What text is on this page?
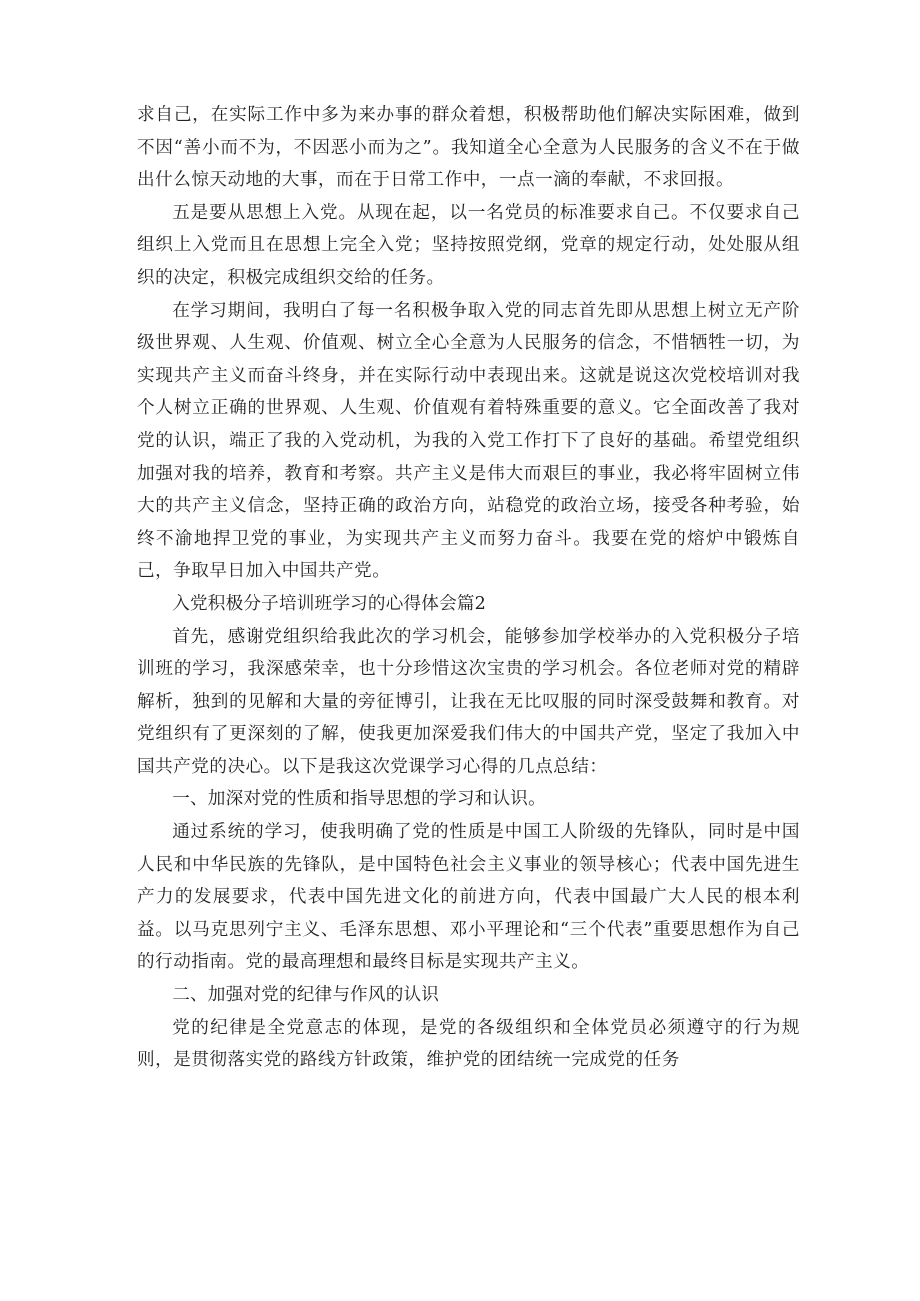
求自己，在实际工作中多为来办事的群众着想，积极帮助他们解决实际困难，做到不因“善小而不为，不因恶小而为之”。我知道全心全意为人民服务的含义不在于做出什么惊天动地的大事，而在于日常工作中，一点一滴的奉献，不求回报。

五是要从思想上入党。从现在起，以一名党员的标准要求自己。不仅要求自己组织上入党而且在思想上完全入党；坚持按照党纲，党章的规定行动，处处服从组织的决定，积极完成组织交给的任务。

在学习期间，我明白了每一名积极争取入党的同志首先即从思想上树立无产阶级世界观、人生观、价值观、树立全心全意为人民服务的信念，不惜牺牲一切，为实现共产主义而奋斗终身，并在实际行动中表现出来。这就是说这次党校培训对我个人树立正确的世界观、人生观、价值观有着特殊重要的意义。它全面改善了我对党的认识，端正了我的入党动机，为我的入党工作打下了良好的基础。希望党组织加强对我的培养，教育和考察。共产主义是伟大而艰巨的事业，我必将牢固树立伟大的共产主义信念，坚持正确的政治方向，站稳党的政治立场，接受各种考验，始终不渝地捍卫党的事业，为实现共产主义而努力奋斗。我要在党的熔炉中锻炼自己，争取早日加入中国共产党。

入党积极分子培训班学习的心得体会篇2

首先，感谢党组织给我此次的学习机会，能够参加学校举办的入党积极分子培训班的学习，我深感荣幸，也十分珍惜这次宝贵的学习机会。各位老师对党的精辟解析，独到的见解和大量的旁征博引，让我在无比叹服的同时深受鼓舞和教育。对党组织有了更深刻的了解，使我更加深爱我们伟大的中国共产党，坚定了我加入中国共产党的决心。以下是我这次党课学习心得的几点总结：

一、加深对党的性质和指导思想的学习和认识。

通过系统的学习，使我明确了党的性质是中国工人阶级的先锋队，同时是中国人民和中华民族的先锋队，是中国特色社会主义事业的领导核心；代表中国先进生产力的发展要求，代表中国先进文化的前进方向，代表中国最广大人民的根本利益。以马克思列宁主义、毛泽东思想、邓小平理论和“三个代表”重要思想作为自己的行动指南。党的最高理想和最终目标是实现共产主义。

二、加强对党的纪律与作风的认识

党的纪律是全党意志的体现，是党的各级组织和全体党员必须遵守的行为规则，是贯彻落实党的路线方针政策，维护党的团结统一完成党的任务
